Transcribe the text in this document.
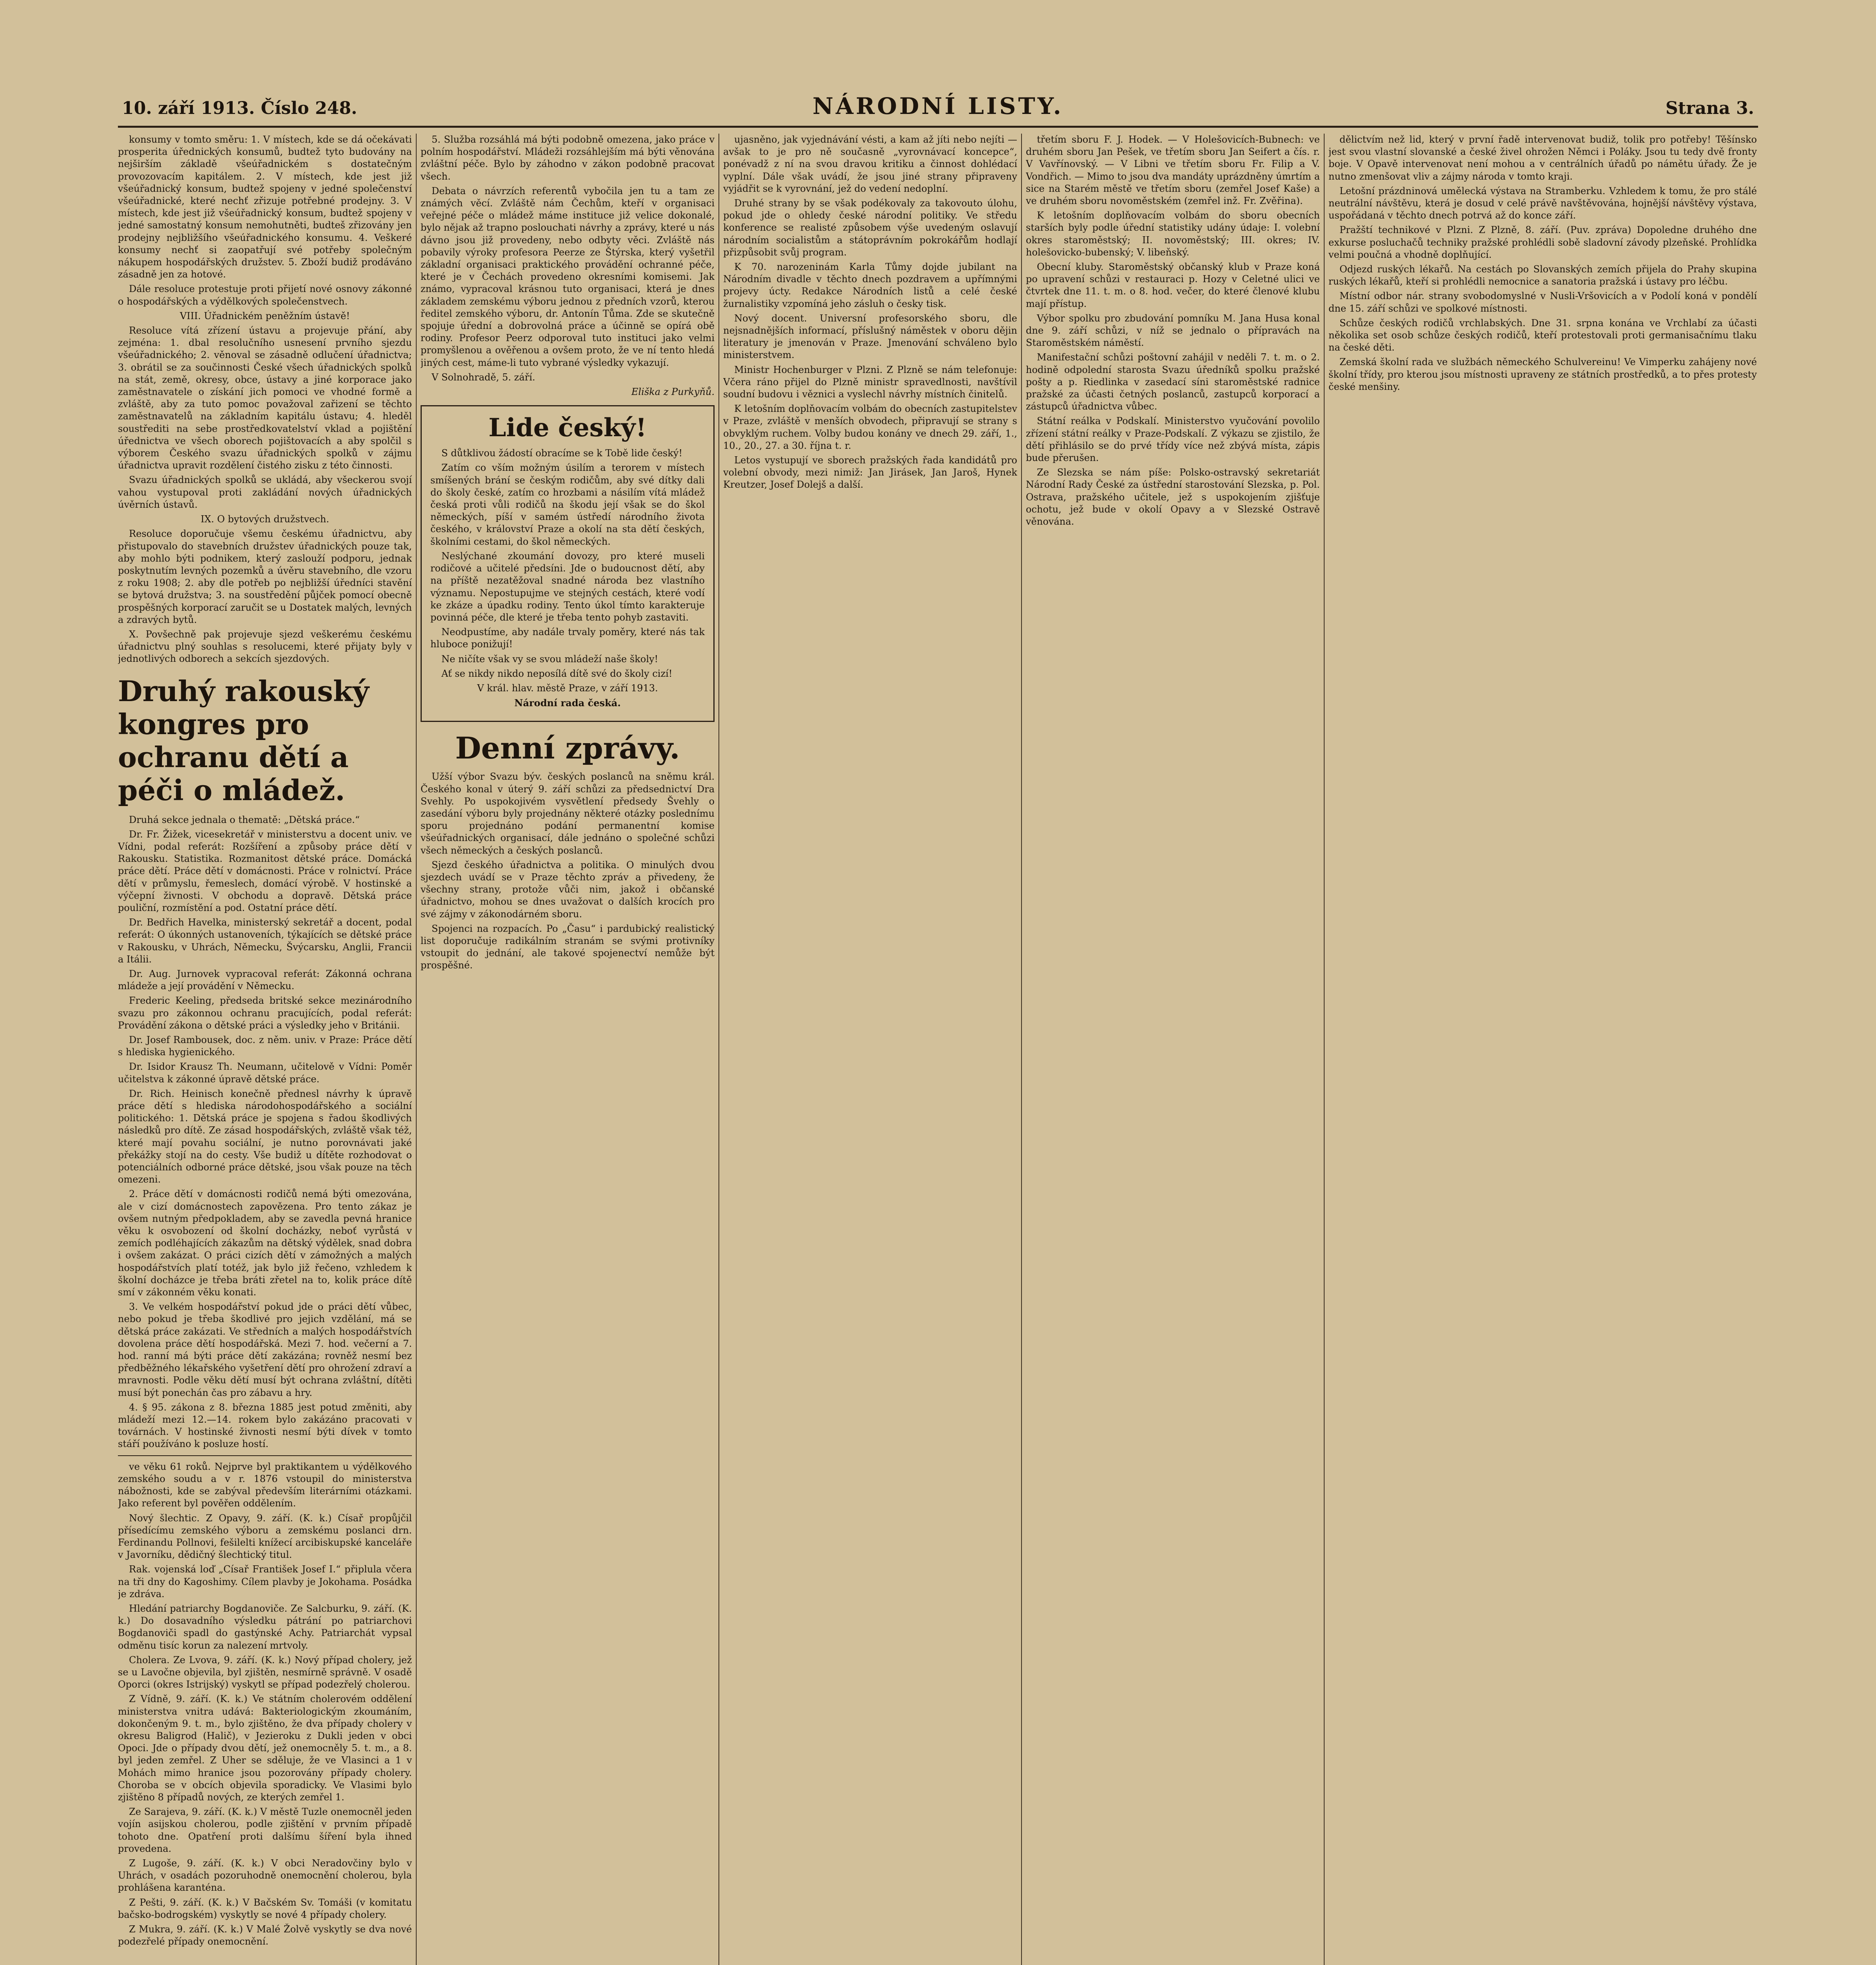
10. září 1913. Číslo 248.	NÁRODNÍ LISTY.	Strana 3.

konsumy v tomto směru: 1. V místech, kde se dá očekávati prosperita úřednických konsumů, budtež tyto budovány na nejširším základě všeúřadnickém s dostatečným provozovacím kapitálem. 2. V místech, kde jest již všeúřadnický konsum, budtež spojeny v jedné společenství všeúřadnické, které nechť zřizuje potřebné prodejny. 3. V místech, kde jest již všeúřadnický konsum, budtež spojeny v jedné samostatný konsum nemohutněti, budteš zřizovány jen prodejny nejbližšího všeúřadnického konsumu. 4. Veškeré konsumy nechť si zaopatřují své potřeby společným nákupem hospodářských družstev. 5. Zboží budiž prodáváno zásadně jen za hotové.

Dále resoluce protestuje proti přijetí nové osnovy zákonné o hospodářských a výdělkových společenstvech.

VIII. Úřadnickém peněžním ústavě!

Resoluce vítá zřízení ústavu a projevuje přání, aby zejména: 1. dbal resolučního usnesení prvního sjezdu všeúřadnického; 2. věnoval se zásadně odlučení úřadnictva; 3. obrátil se za součinnosti České všech úřadnických spolků na stát, země, okresy, obce, ústavy a jiné korporace jako zaměstnavatele o získání jich pomoci ve vhodné formě a zvláště, aby za tuto pomoc považoval zařizení se těchto zaměstnavatelů na základním kapitálu ústavu; 4. hleděl soustřediti na sebe prostředkovatelství vklad a pojištění úřednictva ve všech oborech pojištovacích a aby spolčil s výborem Českého svazu úřadnických spolků v zájmu úřadnictva upravit rozdělení čistého zisku z této činnosti.

Svazu úřadnických spolků se ukládá, aby všeckerou svojí vahou vystupoval proti zakládání nových úřadnických úvěrních ústavů.

IX. O bytových družstvech.

Resoluce doporučuje všemu českému úřadnictvu, aby přistupovalo do stavebních družstev úřadnických pouze tak, aby mohlo býti podnikem, který zaslouží podporu, jednak poskytnutím levných pozemků a úvěru stavebního, dle vzoru z roku 1908; 2. aby dle potřeb po nejbližší úředníci stavění se bytová družstva; 3. na soustředění půjček pomocí obecně prospěšných korporací zaručit se u Dostatek malých, levných a zdravých bytů.

X. Povšechně pak projevuje sjezd veškerému českému úřadnictvu plný souhlas s resolucemi, které přijaty byly v jednotlivých odborech a sekcích sjezdových.

Druhý rakouský kongres pro ochranu dětí a péči o mládež.

Druhá sekce jednala o thematě: „Dětská práce.“

Dr. Fr. Žižek, vicesekretář v ministerstvu a docent univ. ve Vídni, podal referát: Rozšíření a způsoby práce dětí v Rakousku. Statistika. Rozmanitost dětské práce. Domácká práce dětí. Práce dětí v domácnosti. Práce v rolnictví. Práce dětí v průmyslu, řemeslech, domácí výrobě. V hostinské a výčepní živnosti. V obchodu a dopravě. Dětská práce pouliční, rozmístění a pod. Ostatní práce dětí.

Dr. Bedřich Havelka, ministerský sekretář a docent, podal referát: O úkonných ustanoveních, týkajících se dětské práce v Rakousku, v Uhrách, Německu, Švýcarsku, Anglii, Francii a Itálii.

Dr. Aug. Jurnovek vypracoval referát: Zákonná ochrana mládeže a její provádění v Německu.

Frederic Keeling, předseda britské sekce mezinárodního svazu pro zákonnou ochranu pracujících, podal referát: Provádění zákona o dětské práci a výsledky jeho v Británii.

Dr. Josef Rambousek, doc. z něm. univ. v Praze: Práce dětí s hlediska hygienického.

Dr. Isidor Krausz Th. Neumann, učitelově v Vídni: Poměr učitelstva k zákonné úpravě dětské práce.

Dr. Rich. Heinisch konečně přednesl návrhy k úpravě práce dětí s hlediska národohospodářského a sociální politického: 1. Dětská práce je spojena s řadou škodlivých následků pro dítě. Ze zásad hospodářských, zvláště však též, které mají povahu sociální, je nutno porovnávati jaké překážky stojí na do cesty. Vše budiž u dítěte rozhodovat o potenciálních odborné práce dětské, jsou však pouze na těch omezeni.

2. Práce dětí v domácnosti rodičů nemá býti omezována, ale v cizí domácnostech zapovězena. Pro tento zákaz je ovšem nutným předpokladem, aby se zavedla pevná hranice věku k osvobození od školní docházky, neboť vyrůstá v zemích podléhajících zákazům na dětský výdělek, snad dobra i ovšem zakázat. O práci cizích dětí v zámožných a malých hospodářstvích platí totéž, jak bylo již řečeno, vzhledem k školní docházce je třeba bráti zřetel na to, kolik práce dítě smí v zákonném věku konati.

3. Ve velkém hospodářství pokud jde o práci dětí vůbec, nebo pokud je třeba škodlivé pro jejich vzdělání, má se dětská práce zakázati. Ve středních a malých hospodářstvích dovolena práce dětí hospodářská. Mezi 7. hod. večerní a 7. hod. ranní má býti práce dětí zakázána; rovněž nesmí bez předběžného lékařského vyšetření dětí pro ohrožení zdraví a mravnosti. Podle věku dětí musí být ochrana zvláštní, dítěti musí být ponechán čas pro zábavu a hry.

4. § 95. zákona z 8. března 1885 jest potud změniti, aby mládeží mezi 12.—14. rokem bylo zakázáno pracovati v továrnách. V hostinské živnosti nesmí býti dívek v tomto stáří používáno k posluze hostí.

ve věku 61 roků. Nejprve byl praktikantem u výdělkového zemského soudu a v r. 1876 vstoupil do ministerstva nábožnosti, kde se zabýval především literárními otázkami. Jako referent byl pověřen oddělením.

Nový šlechtic. Z Opavy, 9. září. (K. k.) Císař propůjčil přísedícímu zemského výboru a zemskému poslanci drn. Ferdinandu Pollnovi, fešilelti knížecí arcibiskupské kanceláře v Javorníku, dědičný šlechtický titul.

Rak. vojenská loď „Císař František Josef I.“ připlula včera na tři dny do Kagoshimy. Cílem plavby je Jokohama. Posádka je zdráva.

Hledání patriarchy Bogdanoviče. Ze Salcburku, 9. září. (K. k.) Do dosavadního výsledku pátrání po patriarchovi Bogdanoviči spadl do gastýnské Achy. Patriarchát vypsal odměnu tisíc korun za nalezení mrtvoly.

Cholera. Ze Lvova, 9. září. (K. k.) Nový případ cholery, jež se u Lavočne objevila, byl zjištěn, nesmírně správně. V osadě Oporci (okres Istrijský) vyskytl se případ podezřelý cholerou.

Z Vídně, 9. září. (K. k.) Ve státním cholerovém oddělení ministerstva vnitra udává: Bakteriologickým zkoumáním, dokončeným 9. t. m., bylo zjištěno, že dva případy cholery v okresu Baligrod (Halič), v Jezieroku z Dukli jeden v obci Opoci. Jde o případy dvou dětí, jež onemocněly 5. t. m., a 8. byl jeden zemřel. Z Uher se sděluje, že ve Vlasinci a 1 v Mohách mimo hranice jsou pozorovány případy cholery. Choroba se v obcích objevila sporadicky. Ve Vlasimi bylo zjištěno 8 případů nových, ze kterých zemřel 1.

Ze Sarajeva, 9. září. (K. k.) V městě Tuzle onemocněl jeden vojín asijskou cholerou, podle zjištění v prvním případě tohoto dne. Opatření proti dalšímu šíření byla ihned provedena.

Z Lugoše, 9. září. (K. k.) V obci Neradovčiny bylo v Uhrách, v osadách pozoruhodně onemocnění cholerou, byla prohlášena karanténa.

Z Pešti, 9. září. (K. k.) V Bačském Sv. Tomáši (v komitatu bačsko-bodrogském) vyskytly se nové 4 případy cholery.

Z Mukra, 9. září. (K. k.) V Malé Žolvě vyskytly se dva nové podezřelé případy onemocnění.

5. Služba rozsáhlá má býti podobně omezena, jako práce v polním hospodářství. Mládeži rozsáhlejším má býti věnována zvláštní péče. Bylo by záhodno v zákon podobně pracovat všech.

Debata o návrzích referentů vybočila jen tu a tam ze známých věcí. Zvláště nám Čechům, kteří v organisaci veřejné péče o mládež máme instituce již velice dokonalé, bylo nějak až trapno poslouchati návrhy a zprávy, které u nás dávno jsou již provedeny, nebo odbyty věci. Zvláště nás pobavily výroky profesora Peerze ze Štýrska, který vyšetřil základní organisaci praktického provádění ochranné péče, které je v Čechách provedeno okresními komisemi. Jak známo, vypracoval krásnou tuto organisaci, která je dnes základem zemskému výboru jednou z předních vzorů, kterou ředitel zemského výboru, dr. Antonín Tůma. Zde se skutečně spojuje úřední a dobrovolná práce a účinně se opírá obě rodiny. Profesor Peerz odporoval tuto instituci jako velmi promyšlenou a ověřenou a ovšem proto, že ve ní tento hledá jiných cest, máme-li tuto vybrané výsledky vykazují.

V Solnohradě, 5. září.

Eliška z Purkyňů.
Lide český!

S důtklivou žádostí obracíme se k Tobě lide český!

Zatím co vším možným úsilím a terorem v místech smíšených brání se českým rodičům, aby své dítky dali do školy české, zatím co hrozbami a násilím vítá mládež česká proti vůli rodičů na škodu její však se do škol německých, píší v samém ústředí národního života českého, v království Praze a okolí na sta dětí českých, školními cestami, do škol německých.

Neslýchané zkoumání dovozy, pro které museli rodičové a učitelé předsíni. Jde o budoucnost dětí, aby na příště nezatěžoval snadné národa bez vlastního významu. Nepostupujme ve stejných cestách, které vodí ke zkáze a úpadku rodiny. Tento úkol tímto karakteruje povinná péče, dle které je třeba tento pohyb zastaviti.

Neodpustíme, aby nadále trvaly poměry, které nás tak hluboce ponižují!

Ne ničíte však vy se svou mládeží naše školy!

Ať se nikdy nikdo neposílá dítě své do školy cizí!

V král. hlav. městě Praze, v září 1913.

Národní rada česká.
Denní zprávy.

Užší výbor Svazu býv. českých poslanců na sněmu král. Českého konal v úterý 9. září schůzi za předsednictví Dra Svehly. Po uspokojivém vysvětlení předsedy Švehly o zasedání výboru byly projednány některé otázky poslednímu sporu projednáno podání permanentní komise všeúřadnických organisací, dále jednáno o společné schůzi všech německých a českých poslanců.

Sjezd českého úřadnictva a politika. O minulých dvou sjezdech uvádí se v Praze těchto zpráv a přivedeny, že všechny strany, protože vůči nim, jakož i občanské úřadnictvo, mohou se dnes uvažovat o dalších krocích pro své zájmy v zákonodárném sboru.

Spojenci na rozpacích. Po „Času“ i pardubický realistický list doporučuje radikálním stranám se svými protivníky vstoupit do jednání, ale takové spojenectví nemůže být prospěšné.

ujasněno, jak vyjednávání vésti, a kam až jíti nebo nejíti — avšak to je pro ně současně „vyrovnávací koncepce“, ponévadž z ní na svou dravou kritiku a činnost dohlédací vyplní. Dále však uvádí, že jsou jiné strany připraveny vyjádřit se k vyrovnání, jež do vedení nedoplní.

Druhé strany by se však podékovaly za takovouto úlohu, pokud jde o ohledy české národní politiky. Ve středu konference se realisté způsobem výše uvedeným oslavují národním socialistům a státoprávním pokrokářům hodlají přizpůsobit svůj program.

K 70. narozeninám Karla Tůmy dojde jubilant na Národním divadle v těchto dnech pozdravem a upřímnými projevy úcty. Redakce Národních listů a celé české žurnalistiky vzpomíná jeho zásluh o česky tisk.

Nový docent. Universní profesorského sboru, dle nejsnadnějších informací, příslušný náměstek v oboru dějin literatury je jmenován v Praze. Jmenování schváleno bylo ministerstvem.

Ministr Hochenburger v Plzni. Z Plzně se nám telefonuje: Včera ráno přijel do Plzně ministr spravedlnosti, navštívil soudní budovu i věznici a vyslechl návrhy místních činitelů.

K letošním doplňovacím volbám do obecních zastupitelstev v Praze, zvláště v menších obvodech, připravují se strany s obvyklým ruchem. Volby budou konány ve dnech 29. září, 1., 10., 20., 27. a 30. října t. r.

Letos vystupují ve sborech pražských řada kandidátů pro volební obvody, mezi nimiž: Jan Jirásek, Jan Jaroš, Hynek Kreutzer, Josef Dolejš a další.

třetím sboru F. J. Hodek. — V Holešovicích-Bubnech: ve druhém sboru Jan Pešek, ve třetím sboru Jan Seifert a čís. r. V Vavřínovský. — V Libni ve třetím sboru Fr. Filip a V. Vondřich. — Mimo to jsou dva mandáty uprázdněny úmrtím a sice na Starém městě ve třetím sboru (zemřel Josef Kaše) a ve druhém sboru novoměstském (zemřel inž. Fr. Zvěřina).

K letošním doplňovacím volbám do sboru obecních starších byly podle úřední statistiky udány údaje: I. volební okres staroměstský; II. novoměstský; III. okres; IV. holešovicko-bubenský; V. libeňský.

Obecní kluby. Staroměstský občanský klub v Praze koná po upravení schůzi v restauraci p. Hozy v Celetné ulici ve čtvrtek dne 11. t. m. o 8. hod. večer, do které členové klubu mají přístup.

Výbor spolku pro zbudování pomníku M. Jana Husa konal dne 9. září schůzi, v níž se jednalo o přípravách na Staroměstském náměstí.

Manifestační schůzi poštovní zahájil v neděli 7. t. m. o 2. hodině odpolední starosta Svazu úředníků spolku pražské pošty a p. Riedlinka v zasedací síni staroměstské radnice pražské za účasti četných poslanců, zastupců korporací a zástupců úřadnictva vůbec.

Státní reálka v Podskalí. Ministerstvo vyučování povolilo zřízení státní reálky v Praze-Podskalí. Z výkazu se zjistilo, že dětí přihlásilo se do prvé třídy více než zbývá místa, zápis bude přerušen.

Ze Slezska se nám píše: Polsko-ostravský sekretariát Národní Rady České za ústřední starostování Slezska, p. Pol. Ostrava, pražského učitele, jež s uspokojením zjišťuje ochotu, jež bude v okolí Opavy a v Slezské Ostravě věnována.

dělictvím než lid, který v první řadě intervenovat budiž, tolik pro potřeby! Těšínsko jest svou vlastní slovanské a české živel ohrožen Němci i Poláky. Jsou tu tedy dvě fronty boje. V Opavě intervenovat není mohou a v centrálních úřadů po námětu úřady. Že je nutno zmenšovat vliv a zájmy národa v tomto kraji.

Letošní prázdninová umělecká výstava na Stramberku. Vzhledem k tomu, že pro stálé neutrální návštěvu, která je dosud v celé právě navštěvována, hojnější návštěvy výstava, uspořádaná v těchto dnech potrvá až do konce září.

Pražští technikové v Plzni. Z Plzně, 8. září. (Puv. zpráva) Dopoledne druhého dne exkurse posluchačů techniky pražské prohlédli sobě sladovní závody plzeňské. Prohlídka velmi poučná a vhodně doplňující.

Odjezd ruských lékařů. Na cestách po Slovanských zemích přijela do Prahy skupina ruských lékařů, kteří si prohlédli nemocnice a sanatoria pražská i ústavy pro léčbu.

Místní odbor nár. strany svobodomyslné v Nusli-Vršovicích a v Podolí koná v pondělí dne 15. září schůzi ve spolkové místnosti.

Schůze českých rodičů vrchlabských. Dne 31. srpna konána ve Vrchlabí za účasti několika set osob schůze českých rodičů, kteří protestovali proti germanisačnímu tlaku na české děti.

Zemská školní rada ve službách německého Schulvereinu! Ve Vimperku zahájeny nové školní třídy, pro kterou jsou místnosti upraveny ze státních prostředků, a to přes protesty české menšiny.
